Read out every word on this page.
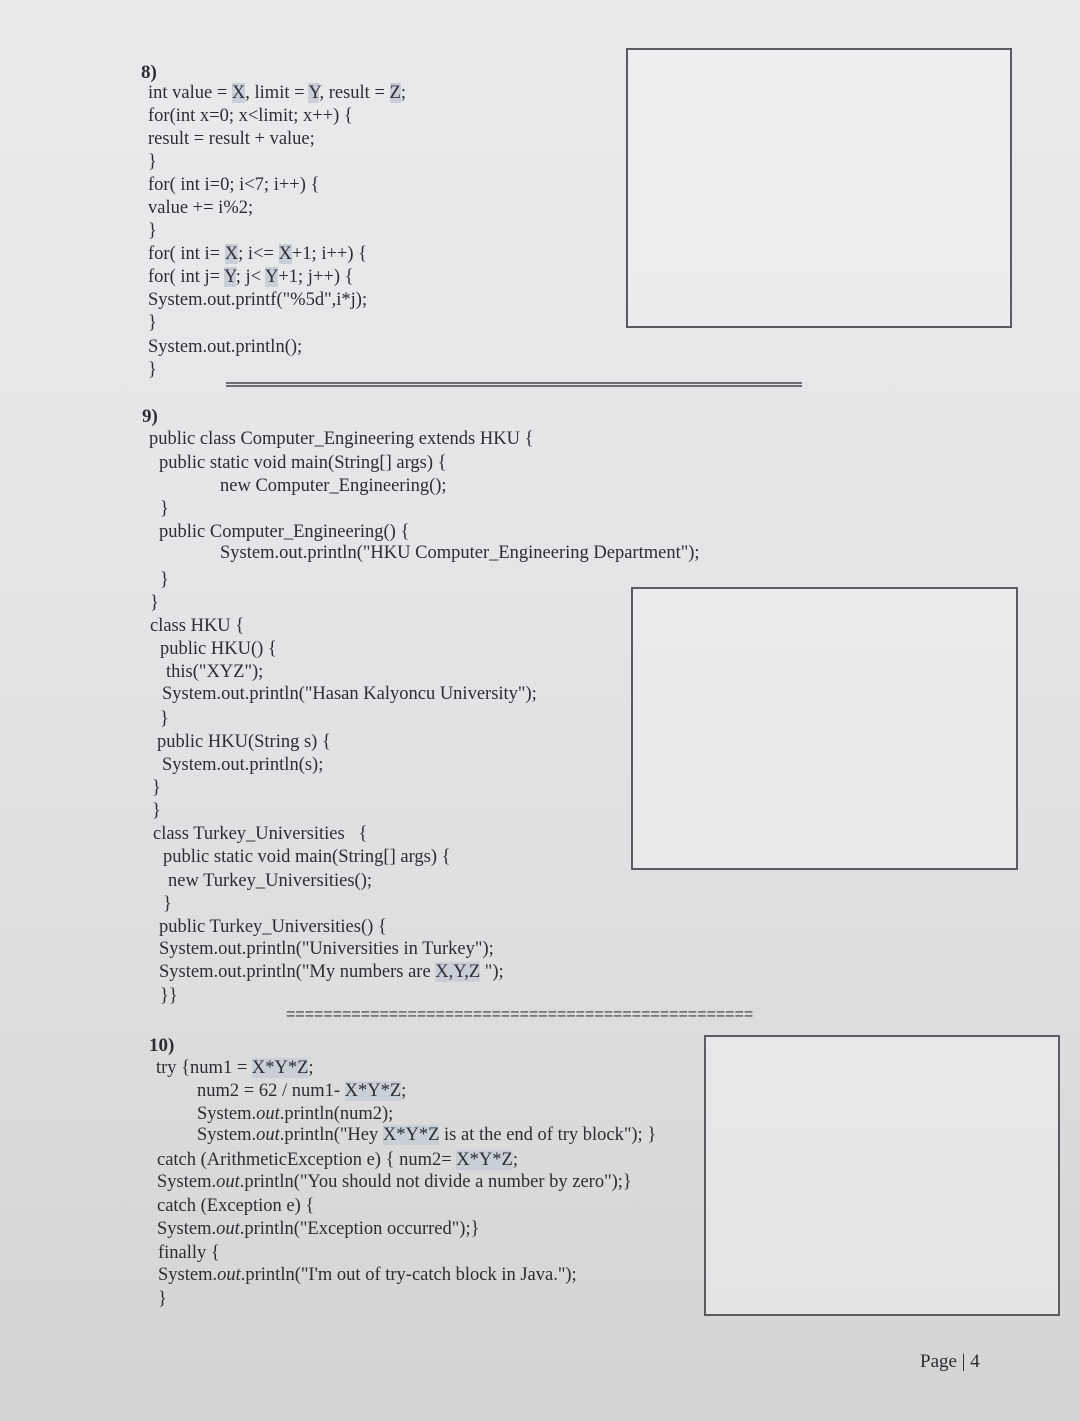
8)
int value = X, limit = Y, result = Z;
for(int x=0; x<limit; x++) {
result = result + value;
}
for( int i=0; i<7; i++) {
value += i%2;
}
for( int i= X; i<= X+1; i++) {
for( int j= Y; j< Y+1; j++) {
System.out.printf("%5d",i*j);
}
System.out.println();
}
9)
public class Computer_Engineering extends HKU {
public static void main(String[] args) {
new Computer_Engineering();
}
public Computer_Engineering() {
System.out.println("HKU Computer_Engineering Department");
}
}
class HKU {
public HKU() {
this("XYZ");
System.out.println("Hasan Kalyoncu University");
}
public HKU(String s) {
System.out.println(s);
}
}
class Turkey_Universities   {
public static void main(String[] args) {
new Turkey_Universities();
}
public Turkey_Universities() {
System.out.println("Universities in Turkey");
System.out.println("My numbers are X,Y,Z ");
}}
==================================================
10)
try {num1 = X*Y*Z;
num2 = 62 / num1- X*Y*Z;
System.out.println(num2);
System.out.println("Hey X*Y*Z is at the end of try block"); }
catch (ArithmeticException e) { num2= X*Y*Z;
System.out.println("You should not divide a number by zero");}
catch (Exception e) {
System.out.println("Exception occurred");}
finally {
System.out.println("I'm out of try-catch block in Java.");
}
Page | 4
